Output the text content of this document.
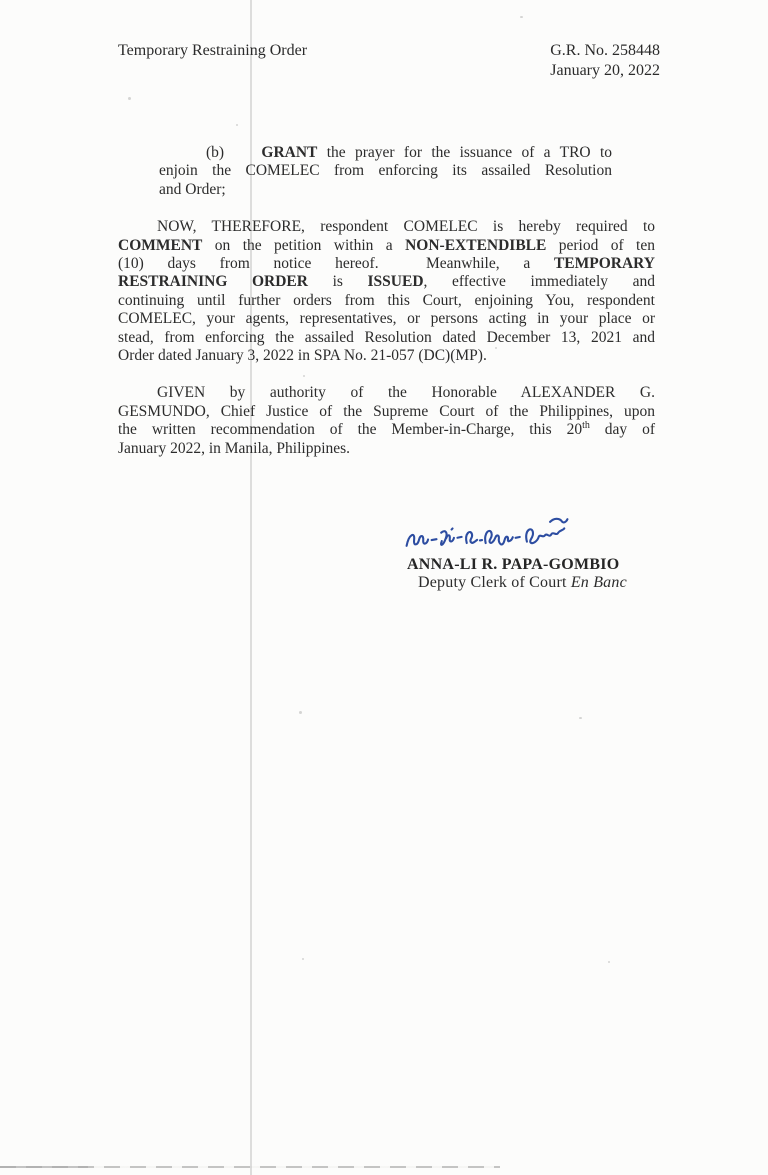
Temporary Restraining Order	G.R. No. 258448
January 20, 2022
(b) GRANT the prayer for the issuance of a TRO to
enjoin the COMELEC from enforcing its assailed Resolution
and Order;
NOW, THEREFORE, respondent COMELEC is hereby required to
COMMENT on the petition within a NON-EXTENDIBLE period of ten
(10) days from notice hereof.  Meanwhile, a TEMPORARY
RESTRAINING ORDER is ISSUED, effective immediately and
continuing until further orders from this Court, enjoining You, respondent
COMELEC, your agents, representatives, or persons acting in your place or
stead, from enforcing the assailed Resolution dated December 13, 2021 and
Order dated January 3, 2022 in SPA No. 21-057 (DC)(MP).
GIVEN by authority of the Honorable ALEXANDER G.
GESMUNDO, Chief Justice of the Supreme Court of the Philippines, upon
the written recommendation of the Member-in-Charge, this 20th day of
January 2022, in Manila, Philippines.
ANNA-LI R. PAPA-GOMBIO
Deputy Clerk of Court En Banc
